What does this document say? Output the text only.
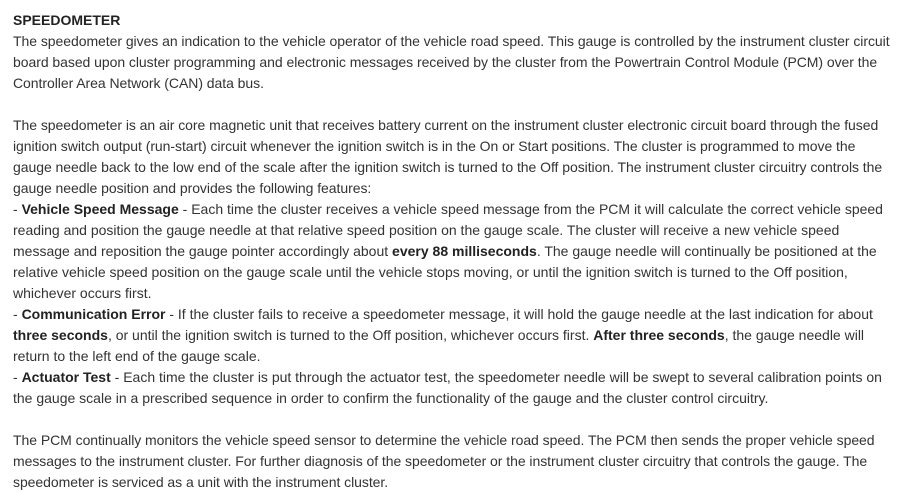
SPEEDOMETER

The speedometer gives an indication to the vehicle operator of the vehicle road speed. This gauge is controlled by the instrument cluster circuit board based upon cluster programming and electronic messages received by the cluster from the Powertrain Control Module (PCM) over the Controller Area Network (CAN) data bus.

The speedometer is an air core magnetic unit that receives battery current on the instrument cluster electronic circuit board through the fused ignition switch output (run-start) circuit whenever the ignition switch is in the On or Start positions. The cluster is programmed to move the gauge needle back to the low end of the scale after the ignition switch is turned to the Off position. The instrument cluster circuitry controls the gauge needle position and provides the following features:

- Vehicle Speed Message - Each time the cluster receives a vehicle speed message from the PCM it will calculate the correct vehicle speed reading and position the gauge needle at that relative speed position on the gauge scale. The cluster will receive a new vehicle speed message and reposition the gauge pointer accordingly about every 88 milliseconds. The gauge needle will continually be positioned at the relative vehicle speed position on the gauge scale until the vehicle stops moving, or until the ignition switch is turned to the Off position, whichever occurs first.
- Communication Error - If the cluster fails to receive a speedometer message, it will hold the gauge needle at the last indication for about three seconds, or until the ignition switch is turned to the Off position, whichever occurs first. After three seconds, the gauge needle will return to the left end of the gauge scale.
- Actuator Test - Each time the cluster is put through the actuator test, the speedometer needle will be swept to several calibration points on the gauge scale in a prescribed sequence in order to confirm the functionality of the gauge and the cluster control circuitry.

The PCM continually monitors the vehicle speed sensor to determine the vehicle road speed. The PCM then sends the proper vehicle speed messages to the instrument cluster. For further diagnosis of the speedometer or the instrument cluster circuitry that controls the gauge. The speedometer is serviced as a unit with the instrument cluster.
